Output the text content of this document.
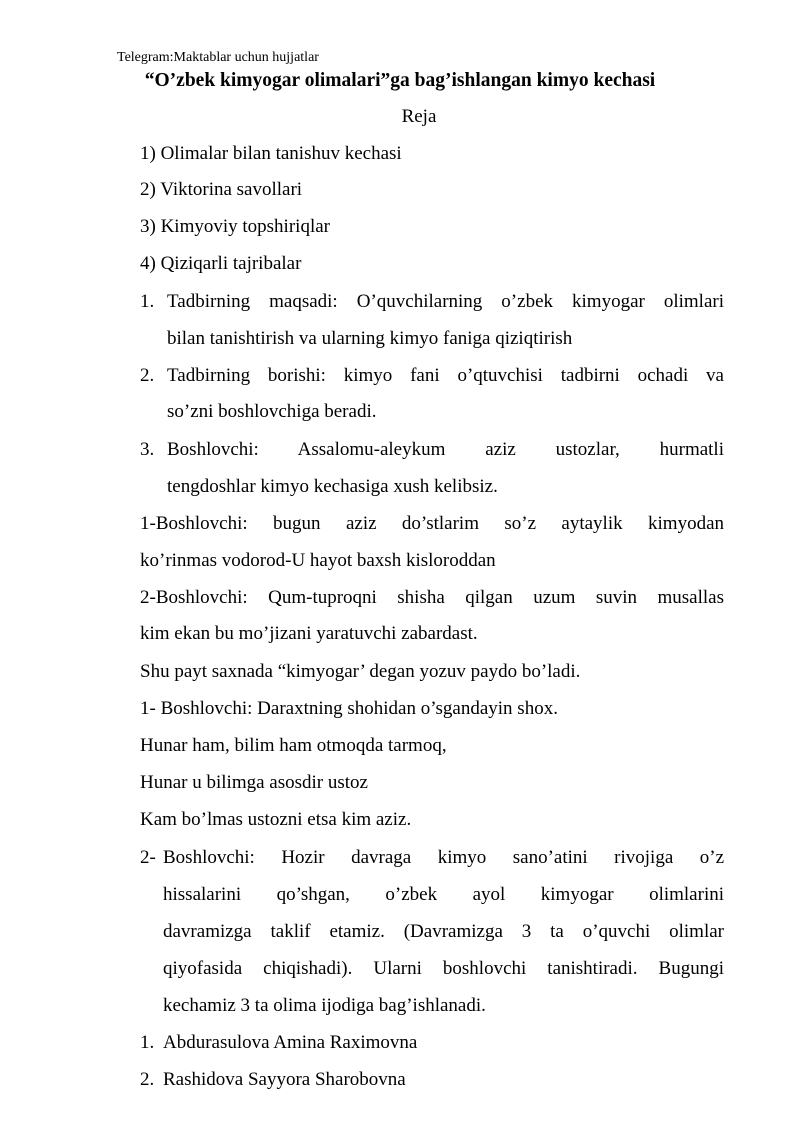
Telegram:Maktablar uchun hujjatlar
“O’zbek kimyogar olimalari”ga bag’ishlangan kimyo kechasi
Reja
1) Olimalar bilan tanishuv kechasi
2) Viktorina savollari
3) Kimyoviy topshiriqlar
4) Qiziqarli tajribalar
1. Tadbirning maqsadi: O’quvchilarning o’zbek kimyogar olimlari
bilan tanishtirish va ularning kimyo faniga qiziqtirish
2. Tadbirning borishi: kimyo fani o’qtuvchisi tadbirni ochadi va
so’zni boshlovchiga beradi.
3. Boshlovchi: Assalomu-aleykum aziz ustozlar, hurmatli
tengdoshlar kimyo kechasiga xush kelibsiz.
1-Boshlovchi: bugun aziz do’stlarim so’z aytaylik kimyodan
ko’rinmas vodorod-U hayot baxsh kisloroddan
2-Boshlovchi: Qum-tuproqni shisha qilgan uzum suvin musallas
kim ekan bu mo’jizani yaratuvchi zabardast.
Shu payt saxnada “kimyogar’ degan yozuv paydo bo’ladi.
1- Boshlovchi: Daraxtning shohidan o’sgandayin shox.
Hunar ham, bilim ham otmoqda tarmoq,
Hunar u bilimga asosdir ustoz
Kam bo’lmas ustozni etsa kim aziz.
2- Boshlovchi: Hozir davraga kimyo sano’atini rivojiga o’z
hissalarini qo’shgan, o’zbek ayol kimyogar olimlarini
davramizga taklif etamiz. (Davramizga 3 ta o’quvchi olimlar
qiyofasida chiqishadi). Ularni boshlovchi tanishtiradi. Bugungi
kechamiz 3 ta olima ijodiga bag’ishlanadi.
1. Abdurasulova Amina Raximovna
2. Rashidova Sayyora Sharobovna
